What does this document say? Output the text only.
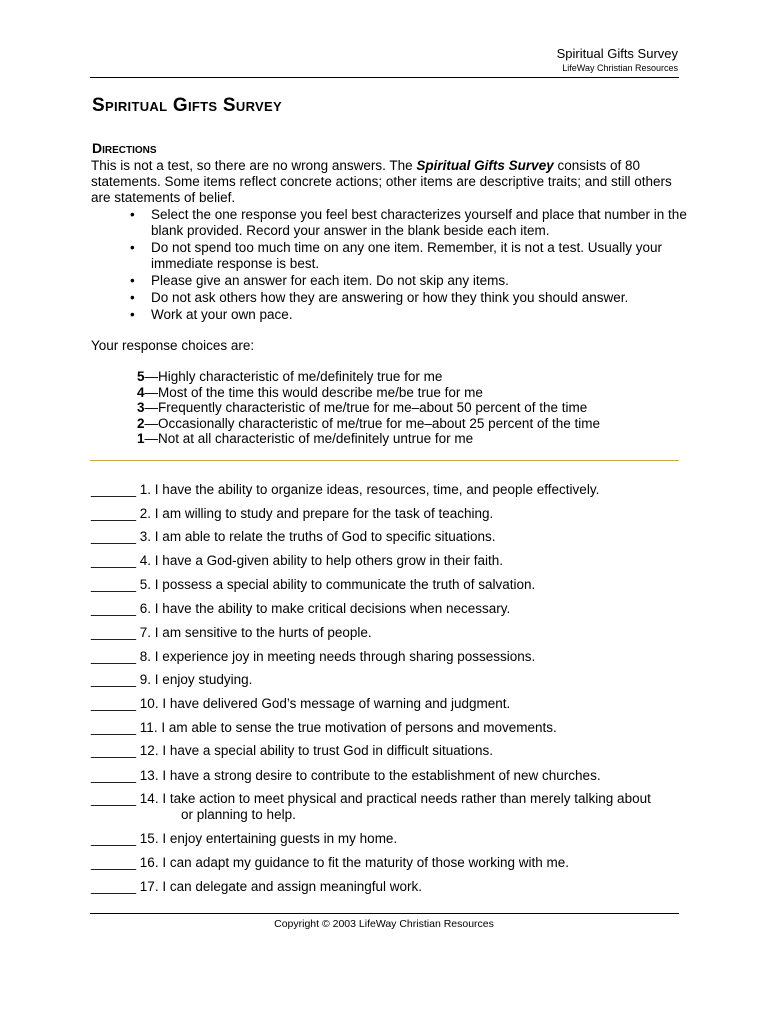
Spiritual Gifts Survey
LifeWay Christian Resources
Spiritual Gifts Survey
Directions
This is not a test, so there are no wrong answers. The Spiritual Gifts Survey consists of 80 statements. Some items reflect concrete actions; other items are descriptive traits; and still others are statements of belief.
• Select the one response you feel best characterizes yourself and place that number in the blank provided. Record your answer in the blank beside each item.
• Do not spend too much time on any one item. Remember, it is not a test. Usually your immediate response is best.
• Please give an answer for each item. Do not skip any items.
• Do not ask others how they are answering or how they think you should answer.
• Work at your own pace.
Your response choices are:
5—Highly characteristic of me/definitely true for me
4—Most of the time this would describe me/be true for me
3—Frequently characteristic of me/true for me–about 50 percent of the time
2—Occasionally characteristic of me/true for me–about 25 percent of the time
1—Not at all characteristic of me/definitely untrue for me
______ 1. I have the ability to organize ideas, resources, time, and people effectively.
______ 2. I am willing to study and prepare for the task of teaching.
______ 3. I am able to relate the truths of God to specific situations.
______ 4. I have a God-given ability to help others grow in their faith.
______ 5. I possess a special ability to communicate the truth of salvation.
______ 6. I have the ability to make critical decisions when necessary.
______ 7. I am sensitive to the hurts of people.
______ 8. I experience joy in meeting needs through sharing possessions.
______ 9. I enjoy studying.
______ 10. I have delivered God’s message of warning and judgment.
______ 11. I am able to sense the true motivation of persons and movements.
______ 12. I have a special ability to trust God in difficult situations.
______ 13. I have a strong desire to contribute to the establishment of new churches.
______ 14. I take action to meet physical and practical needs rather than merely talking about
or planning to help.
______ 15. I enjoy entertaining guests in my home.
______ 16. I can adapt my guidance to fit the maturity of those working with me.
______ 17. I can delegate and assign meaningful work.
Copyright © 2003 LifeWay Christian Resources
